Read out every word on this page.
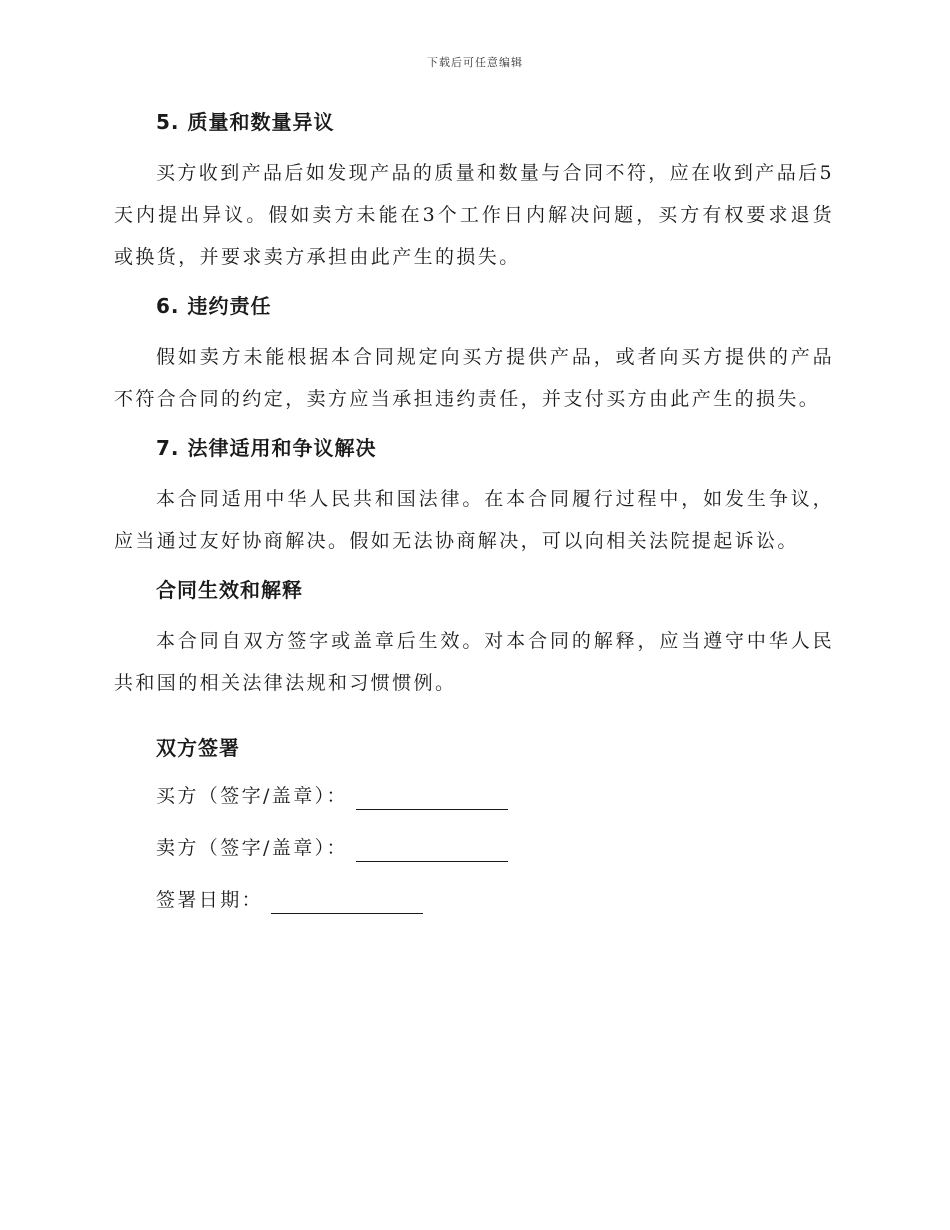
下载后可任意编辑
5. 质量和数量异议

买方收到产品后如发现产品的质量和数量与合同不符，应在收到产品后5天内提出异议。假如卖方未能在3个工作日内解决问题，买方有权要求退货或换货，并要求卖方承担由此产生的损失。

6. 违约责任

假如卖方未能根据本合同规定向买方提供产品，或者向买方提供的产品不符合合同的约定，卖方应当承担违约责任，并支付买方由此产生的损失。

7. 法律适用和争议解决

本合同适用中华人民共和国法律。在本合同履行过程中，如发生争议，应当通过友好协商解决。假如无法协商解决，可以向相关法院提起诉讼。

合同生效和解释

本合同自双方签字或盖章后生效。对本合同的解释，应当遵守中华人民共和国的相关法律法规和习惯惯例。

双方签署
买方（签字/盖章）：
卖方（签字/盖章）：
签署日期：
